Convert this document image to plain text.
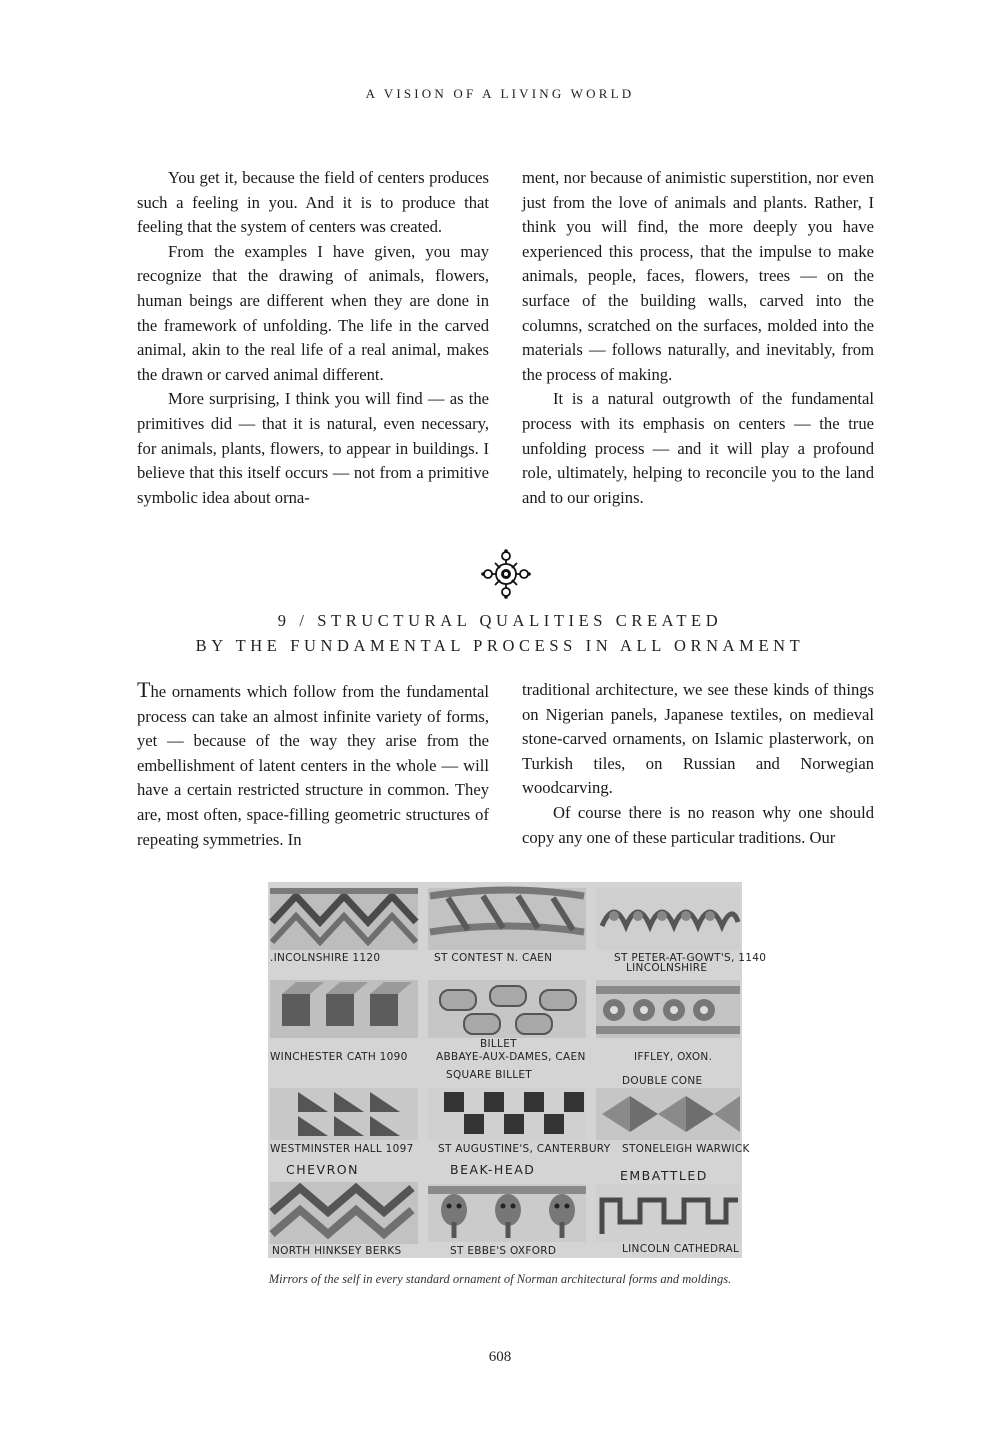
A VISION OF A LIVING WORLD

You get it, because the field of centers produces such a feeling in you. And it is to produce that feeling that the system of centers was created.

From the examples I have given, you may recognize that the drawing of animals, flowers, human beings are different when they are done in the framework of unfolding. The life in the carved animal, akin to the real life of a real animal, makes the drawn or carved animal different.

More surprising, I think you will find — as the primitives did — that it is natural, even necessary, for animals, plants, flowers, to appear in buildings. I believe that this itself occurs — not from a primitive symbolic idea about orna-

ment, nor because of animistic superstition, nor even just from the love of animals and plants. Rather, I think you will find, the more deeply you have experienced this process, that the impulse to make animals, people, faces, flowers, trees — on the surface of the building walls, carved into the columns, scratched on the surfaces, molded into the materials — follows naturally, and inevitably, from the process of making.

It is a natural outgrowth of the fundamental process with its emphasis on centers — the true unfolding process — and it will play a profound role, ultimately, helping to reconcile you to the land and to our origins.

9 / STRUCTURAL QUALITIES CREATED
BY THE FUNDAMENTAL PROCESS IN ALL ORNAMENT

The ornaments which follow from the fundamental process can take an almost infinite variety of forms, yet — because of the way they arise from the embellishment of latent centers in the whole — will have a certain restricted structure in common. They are, most often, space-filling geometric structures of repeating symmetries. In

traditional architecture, we see these kinds of things on Nigerian panels, Japanese textiles, on medieval stone-carved ornaments, on Islamic plasterwork, on Turkish tiles, on Russian and Norwegian woodcarving.

Of course there is no reason why one should copy any one of these particular traditions. Our

.INCOLNSHIRE 1120	ST CONTEST N. CAEN	ST PETER-AT-GOWT'S, 1140
LINCOLNSHIRE
BILLET
WINCHESTER CATH 1090	ABBAYE-AUX-DAMES, CAEN	IFFLEY, OXON.
SQUARE BILLET	DOUBLE CONE
WESTMINSTER HALL 1097 ST AUGUSTINE'S, CANTERBURY STONELEIGH WARWICK
CHEVRON	BEAK-HEAD	EMBATTLED
NORTH HINKSEY BERKS	ST EBBE'S OXFORD	LINCOLN CATHEDRAL
Mirrors of the self in every standard ornament of Norman architectural forms and moldings.
608
